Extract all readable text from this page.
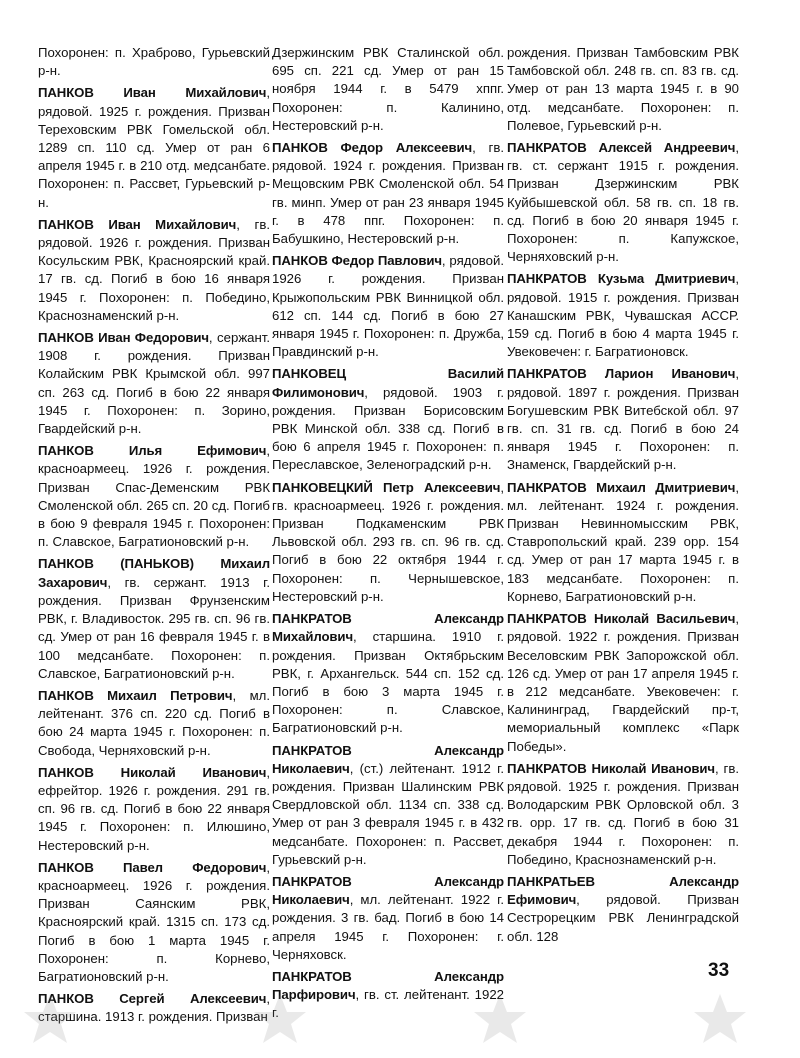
Похоронен: п. Храброво, Гурьевский р-н.

ПАНКОВ Иван Михайлович, рядовой. 1925 г. рождения. Призван Тереховским РВК Гомельской обл. 1289 сп. 110 сд. Умер от ран 6 апреля 1945 г. в 210 отд. медсанбате. Похоронен: п. Рассвет, Гурьевский р-н.

ПАНКОВ Иван Михайлович, гв. рядовой. 1926 г. рождения. Призван Косульским РВК, Красноярский край. 17 гв. сд. Погиб в бою 16 января 1945 г. Похоронен: п. Победино, Краснознаменский р-н.

ПАНКОВ Иван Федорович, сержант. 1908 г. рождения. Призван Колайским РВК Крымской обл. 997 сп. 263 сд. Погиб в бою 22 января 1945 г. Похоронен: п. Зорино, Гвардейский р-н.

ПАНКОВ Илья Ефимович, красноармеец. 1926 г. рождения. Призван Спас-Деменским РВК Смоленской обл. 265 сп. 20 сд. Погиб в бою 9 февраля 1945 г. Похоронен: п. Славское, Багратионовский р-н.

ПАНКОВ (ПАНЬКОВ) Михаил Захарович, гв. сержант. 1913 г. рождения. Призван Фрунзенским РВК, г. Владивосток. 295 гв. сп. 96 гв. сд. Умер от ран 16 февраля 1945 г. в 100 медсанбате. Похоронен: п. Славское, Багратионовский р-н.

ПАНКОВ Михаил Петрович, мл. лейтенант. 376 сп. 220 сд. Погиб в бою 24 марта 1945 г. Похоронен: п. Свобода, Черняховский р-н.

ПАНКОВ Николай Иванович, ефрейтор. 1926 г. рождения. 291 гв. сп. 96 гв. сд. Погиб в бою 22 января 1945 г. Похоронен: п. Илюшино, Нестеровский р-н.

ПАНКОВ Павел Федорович, красноармеец. 1926 г. рождения. Призван Саянским РВК, Красноярский край. 1315 сп. 173 сд. Погиб в бою 1 марта 1945 г. Похоронен: п. Корнево, Багратионовский р-н.

ПАНКОВ Сергей Алексеевич, старшина. 1913 г. рождения. Призван

Дзержинским РВК Сталинской обл. 695 сп. 221 сд. Умер от ран 15 ноября 1944 г. в 5479 хппг. Похоронен: п. Калинино, Нестеровский р-н.

ПАНКОВ Федор Алексеевич, гв. рядовой. 1924 г. рождения. Призван Мещовским РВК Смоленской обл. 54 гв. минп. Умер от ран 23 января 1945 г. в 478 ппг. Похоронен: п. Бабушкино, Нестеровский р-н.

ПАНКОВ Федор Павлович, рядовой. 1926 г. рождения. Призван Крыжопольским РВК Винницкой обл. 612 сп. 144 сд. Погиб в бою 27 января 1945 г. Похоронен: п. Дружба, Правдинский р-н.

ПАНКОВЕЦ Василий Филимонович, рядовой. 1903 г. рождения. Призван Борисовским РВК Минской обл. 338 сд. Погиб в бою 6 апреля 1945 г. Похоронен: п. Переславское, Зеленоградский р-н.

ПАНКОВЕЦКИЙ Петр Алексеевич, гв. красноармеец. 1926 г. рождения. Призван Подкаменским РВК Львовской обл. 293 гв. сп. 96 гв. сд. Погиб в бою 22 октября 1944 г. Похоронен: п. Чернышевское, Нестеровский р-н.

ПАНКРАТОВ Александр Михайлович, старшина. 1910 г. рождения. Призван Октябрьским РВК, г. Архангельск. 544 сп. 152 сд. Погиб в бою 3 марта 1945 г. Похоронен: п. Славское, Багратионовский р-н.

ПАНКРАТОВ Александр Николаевич, (ст.) лейтенант. 1912 г. рождения. Призван Шалинским РВК Свердловской обл. 1134 сп. 338 сд. Умер от ран 3 февраля 1945 г. в 432 медсанбате. Похоронен: п. Рассвет, Гурьевский р-н.

ПАНКРАТОВ Александр Николаевич, мл. лейтенант. 1922 г. рождения. 3 гв. бад. Погиб в бою 14 апреля 1945 г. Похоронен: г. Черняховск.

ПАНКРАТОВ Александр Парфирович, гв. ст. лейтенант. 1922 г.

рождения. Призван Тамбовским РВК Тамбовской обл. 248 гв. сп. 83 гв. сд. Умер от ран 13 марта 1945 г. в 90 отд. медсанбате. Похоронен: п. Полевое, Гурьевский р-н.

ПАНКРАТОВ Алексей Андреевич, гв. ст. сержант 1915 г. рождения. Призван Дзержинским РВК Куйбышевской обл. 58 гв. сп. 18 гв. сд. Погиб в бою 20 января 1945 г. Похоронен: п. Капужское, Черняховский р-н.

ПАНКРАТОВ Кузьма Дмитриевич, рядовой. 1915 г. рождения. Призван Канашским РВК, Чувашская АССР. 159 сд. Погиб в бою 4 марта 1945 г. Увековечен: г. Багратионовск.

ПАНКРАТОВ Ларион Иванович, рядовой. 1897 г. рождения. Призван Богушевским РВК Витебской обл. 97 гв. сп. 31 гв. сд. Погиб в бою 24 января 1945 г. Похоронен: п. Знаменск, Гвардейский р-н.

ПАНКРАТОВ Михаил Дмитриевич, мл. лейтенант. 1924 г. рождения. Призван Невинномысским РВК, Ставропольский край. 239 орр. 154 сд. Умер от ран 17 марта 1945 г. в 183 медсанбате. Похоронен: п. Корнево, Багратионовский р-н.

ПАНКРАТОВ Николай Васильевич, рядовой. 1922 г. рождения. Призван Веселовским РВК Запорожской обл. 126 сд. Умер от ран 17 апреля 1945 г. в 212 медсанбате. Увековечен: г. Калининград, Гвардейский пр-т, мемориальный комплекс «Парк Победы».

ПАНКРАТОВ Николай Иванович, гв. рядовой. 1925 г. рождения. Призван Володарским РВК Орловской обл. 3 гв. орр. 17 гв. сд. Погиб в бою 31 декабря 1944 г. Похоронен: п. Победино, Краснознаменский р-н.

ПАНКРАТЬЕВ Александр Ефимович, рядовой. Призван Сестрорецким РВК Ленинградской обл. 128

33
